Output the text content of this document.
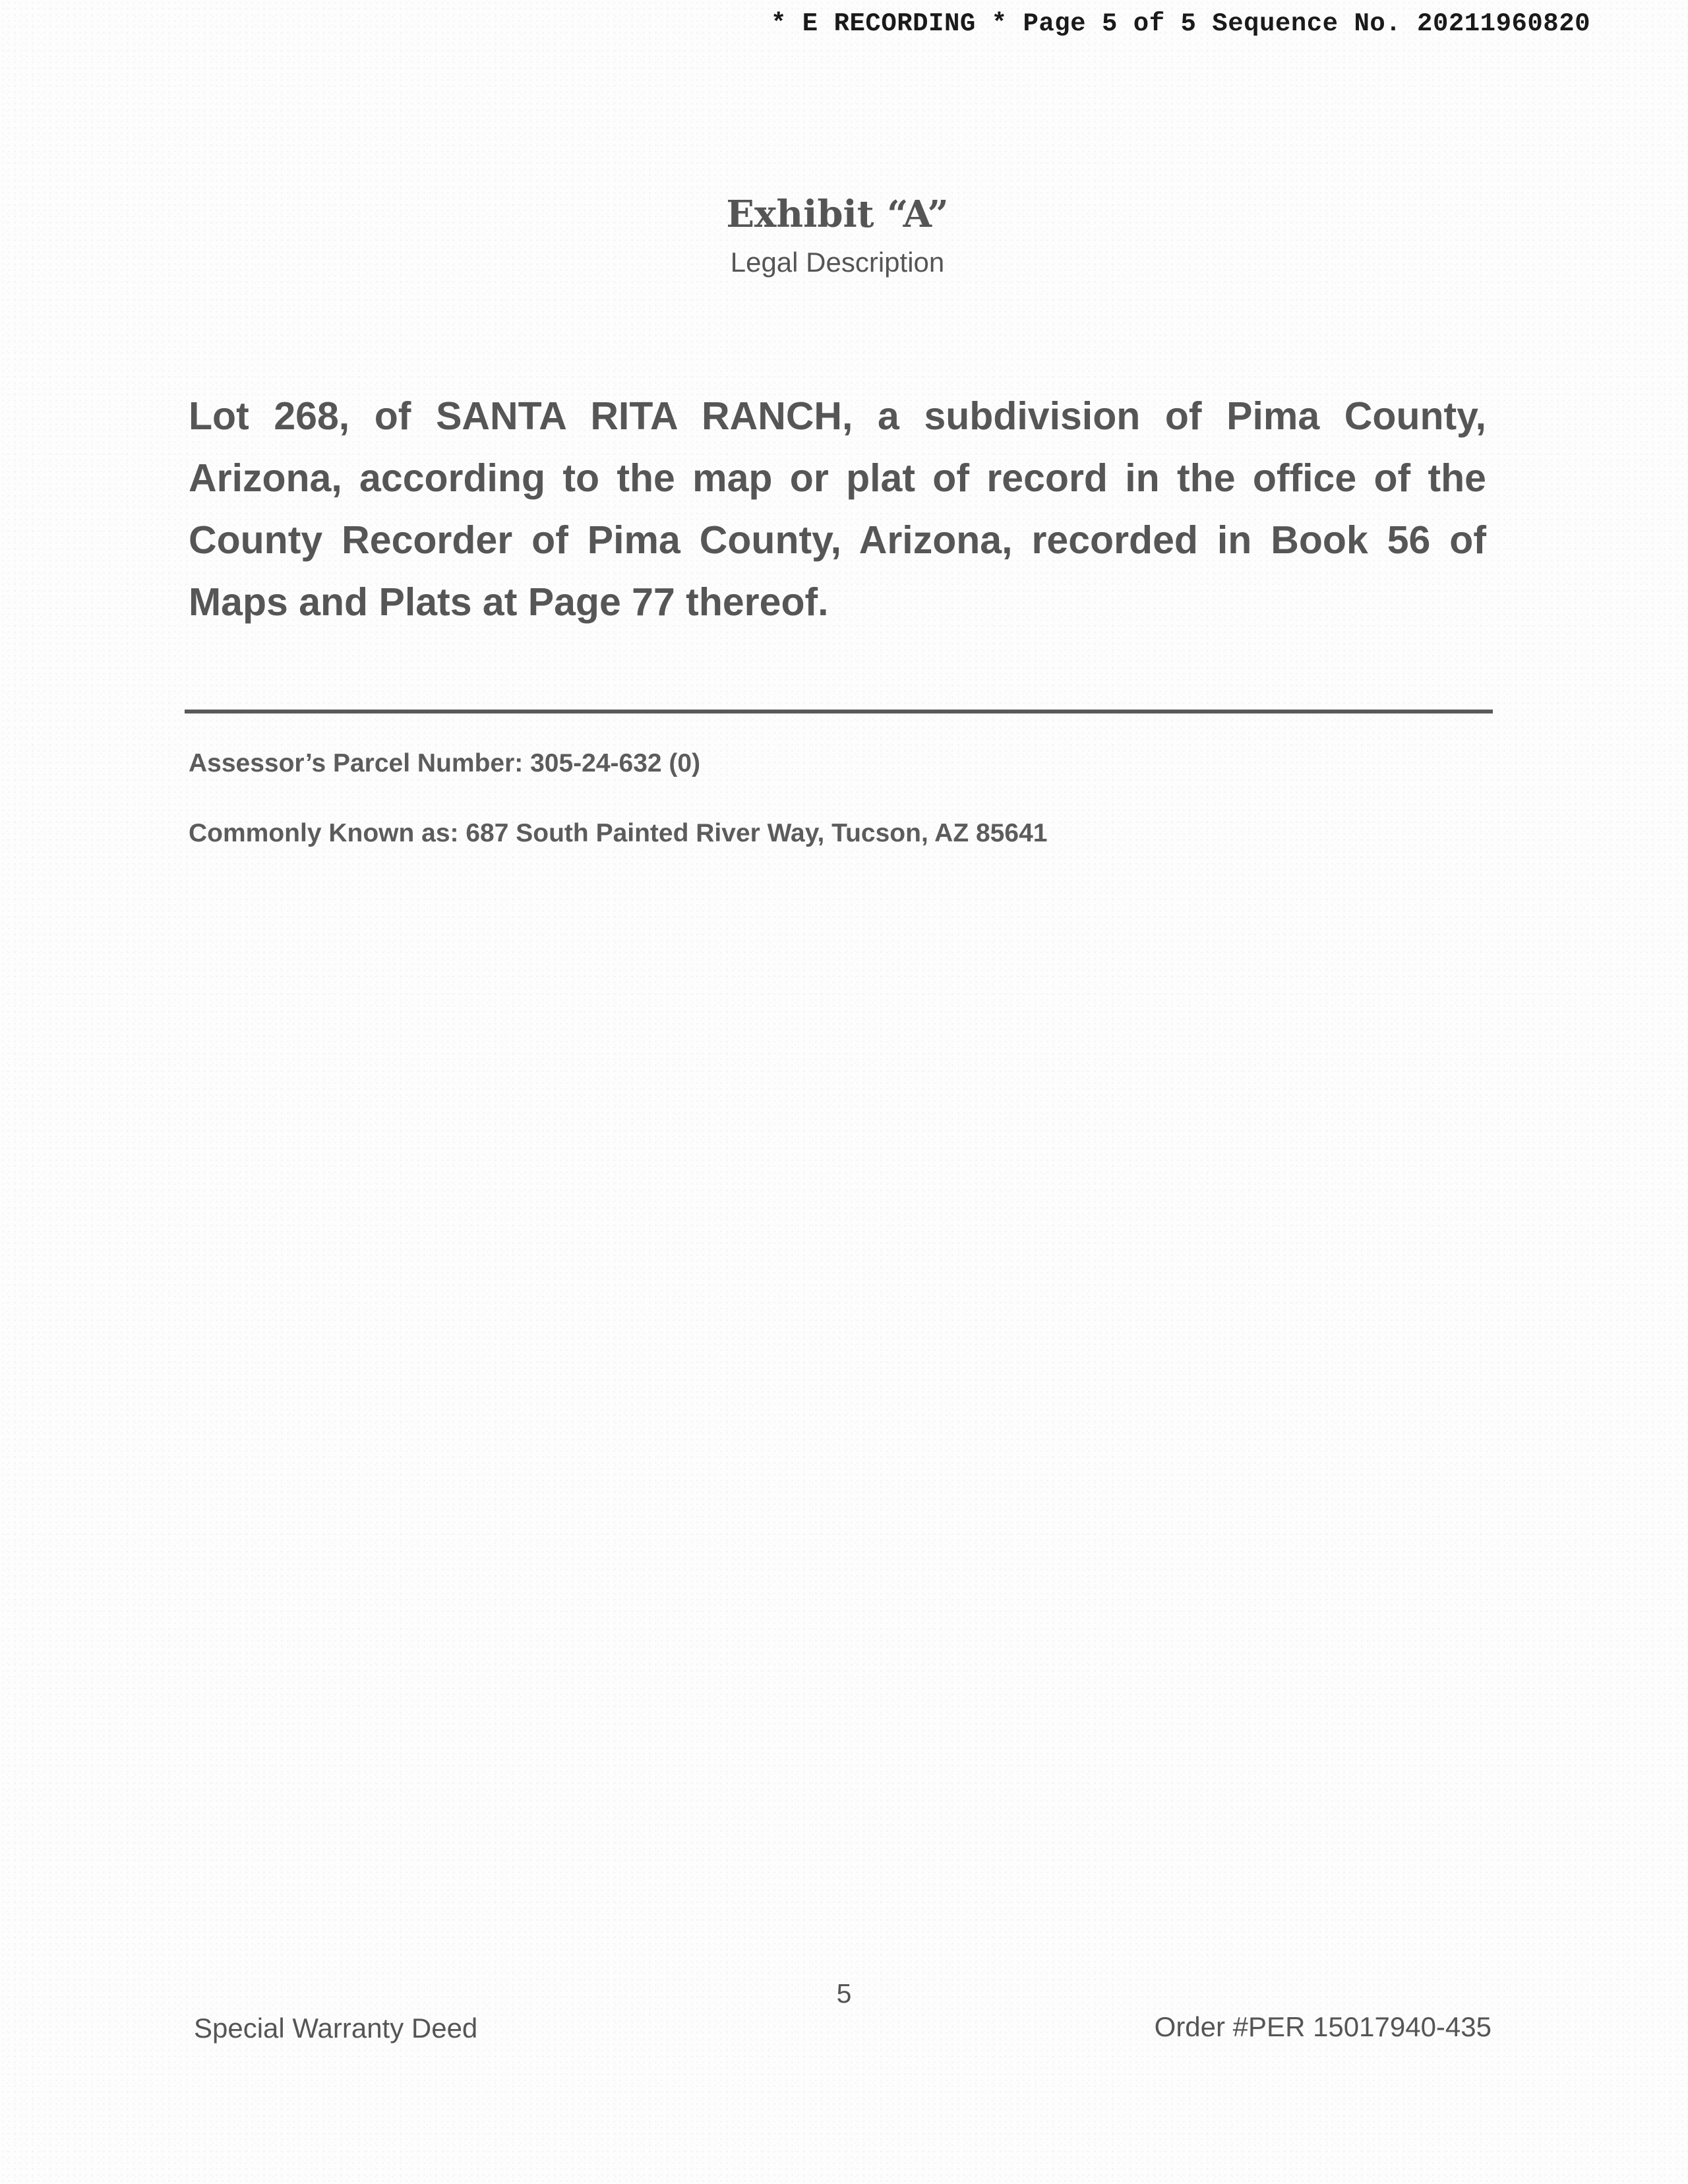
* E RECORDING * Page 5 of 5 Sequence No. 20211960820
Exhibit “A”
Legal Description

Lot 268, of SANTA RITA RANCH, a subdivision of Pima County, Arizona, according to the map or plat of record in the office of the County Recorder of Pima County, Arizona, recorded in Book 56 of Maps and Plats at Page 77 thereof.

Assessor’s Parcel Number: 305-24-632 (0)
Commonly Known as: 687 South Painted River Way, Tucson, AZ 85641
5
Special Warranty Deed	Order #PER 15017940-435
